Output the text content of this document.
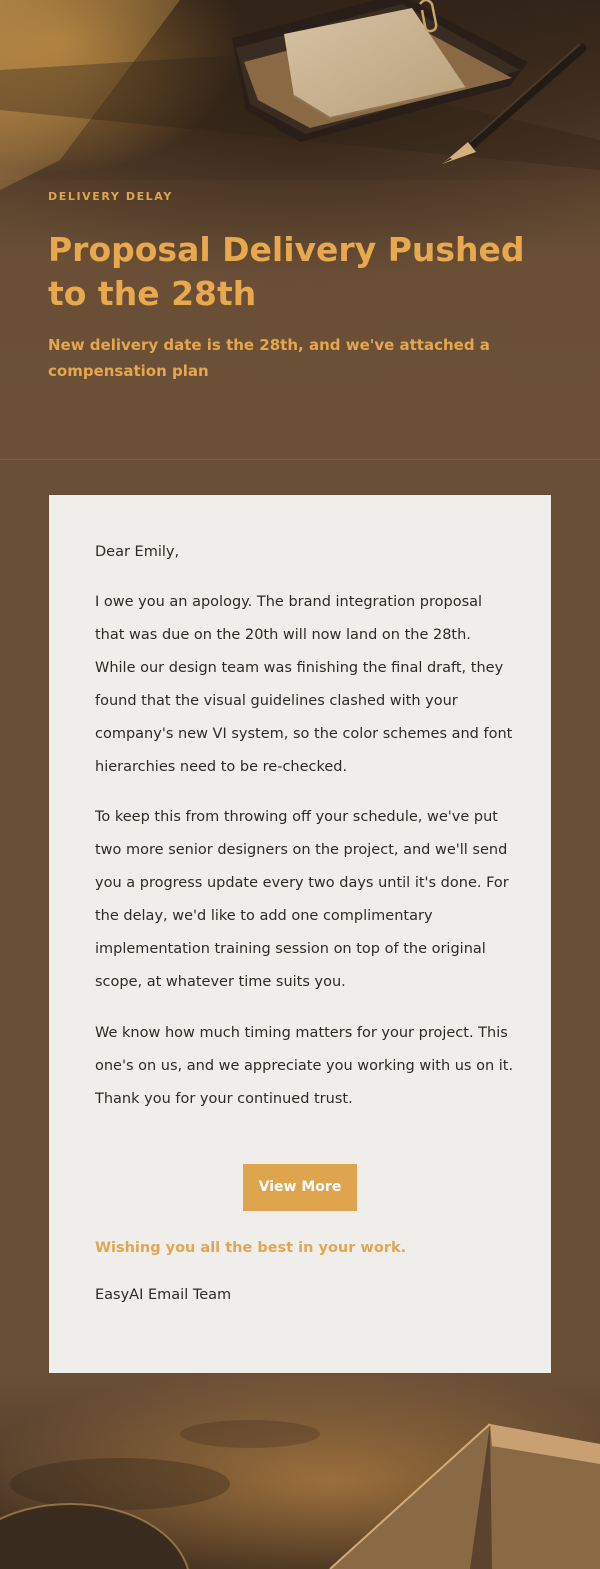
DELIVERY DELAY
Proposal Delivery Pushed to the 28th

New delivery date is the 28th, and we've attached a compensation plan

Dear Emily,

I owe you an apology. The brand integration proposal that was due on the 20th will now land on the 28th. While our design team was finishing the final draft, they found that the visual guidelines clashed with your company's new VI system, so the color schemes and font hierarchies need to be re-checked.

To keep this from throwing off your schedule, we've put two more senior designers on the project, and we'll send you a progress update every two days until it's done. For the delay, we'd like to add one complimentary implementation training session on top of the original scope, at whatever time suits you.

We know how much timing matters for your project. This one's on us, and we appreciate you working with us on it. Thank you for your continued trust.

View More

Wishing you all the best in your work.

EasyAI Email Team
